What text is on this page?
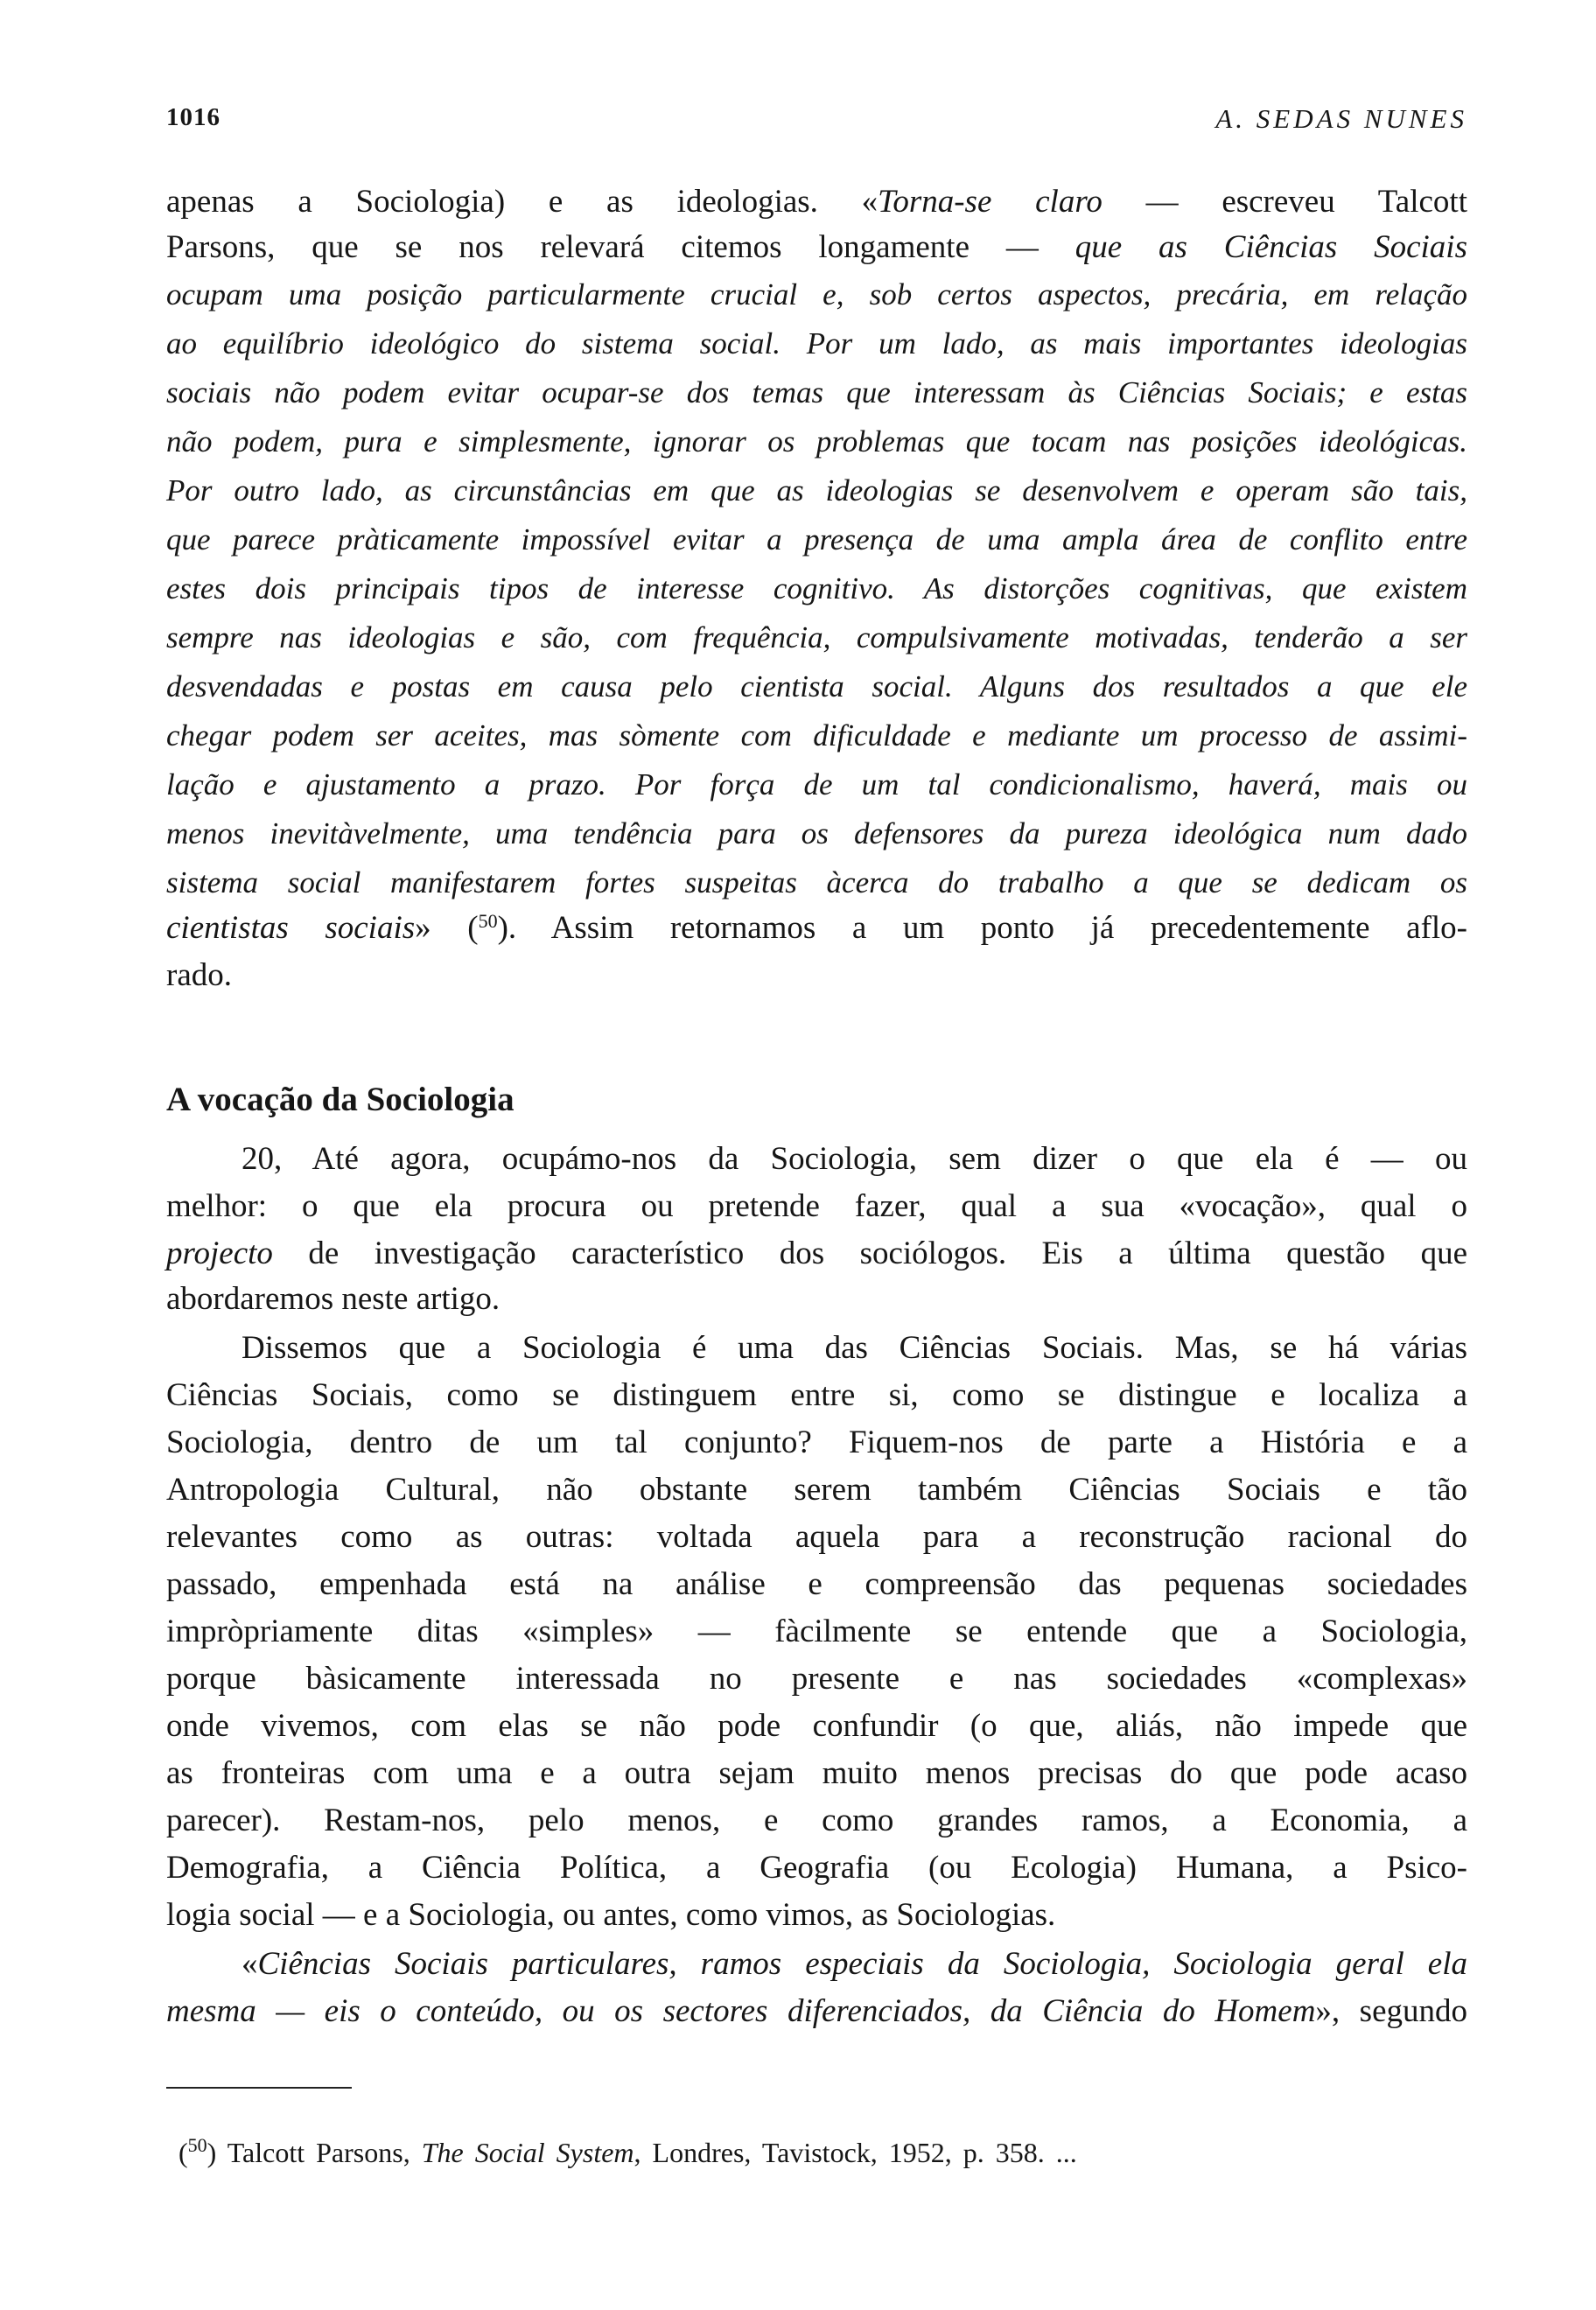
1016	A. SEDAS NUNES
apenas a Sociologia) e as ideologias. «Torna-se claro — escreveu Talcott
Parsons, que se nos relevará citemos longamente — que as Ciências Sociais
ocupam uma posição particularmente crucial e, sob certos aspectos, precária, em relação
ao equilíbrio ideológico do sistema social. Por um lado, as mais importantes ideologias
sociais não podem evitar ocupar-se dos temas que interessam às Ciências Sociais; e estas
não podem, pura e simplesmente, ignorar os problemas que tocam nas posições ideológicas.
Por outro lado, as circunstâncias em que as ideologias se desenvolvem e operam são tais,
que parece pràticamente impossível evitar a presença de uma ampla área de conflito entre
estes dois principais tipos de interesse cognitivo. As distorções cognitivas, que existem
sempre nas ideologias e são, com frequência, compulsivamente motivadas, tenderão a ser
desvendadas e postas em causa pelo cientista social. Alguns dos resultados a que ele
chegar podem ser aceites, mas sòmente com dificuldade e mediante um processo de assimi-
lação e ajustamento a prazo. Por força de um tal condicionalismo, haverá, mais ou
menos inevitàvelmente, uma tendência para os defensores da pureza ideológica num dado
sistema social manifestarem fortes suspeitas àcerca do trabalho a que se dedicam os
cientistas sociais» ($^{50}$). Assim retornamos a um ponto já precedentemente aflo-
rado.
A vocação da Sociologia
20, Até agora, ocupámo-nos da Sociologia, sem dizer o que ela é — ou
melhor: o que ela procura ou pretende fazer, qual a sua «vocação», qual o
projecto de investigação característico dos sociólogos. Eis a última questão que
abordaremos neste artigo.
Dissemos que a Sociologia é uma das Ciências Sociais. Mas, se há várias
Ciências Sociais, como se distinguem entre si, como se distingue e localiza a
Sociologia, dentro de um tal conjunto? Fiquem-nos de parte a História e a
Antropologia Cultural, não obstante serem também Ciências Sociais e tão
relevantes como as outras: voltada aquela para a reconstrução racional do
passado, empenhada está na análise e compreensão das pequenas sociedades
impròpriamente ditas «simples» — fàcilmente se entende que a Sociologia,
porque bàsicamente interessada no presente e nas sociedades «complexas»
onde vivemos, com elas se não pode confundir (o que, aliás, não impede que
as fronteiras com uma e a outra sejam muito menos precisas do que pode acaso
parecer). Restam-nos, pelo menos, e como grandes ramos, a Economia, a
Demografia, a Ciência Política, a Geografia (ou Ecologia) Humana, a Psico-
logia social — e a Sociologia, ou antes, como vimos, as Sociologias.
«Ciências Sociais particulares, ramos especiais da Sociologia, Sociologia geral ela
mesma — eis o conteúdo, ou os sectores diferenciados, da Ciência do Homem», segundo
($^{50}$) Talcott Parsons, The Social System, Londres, Tavistock, 1952, p. 358. ...
